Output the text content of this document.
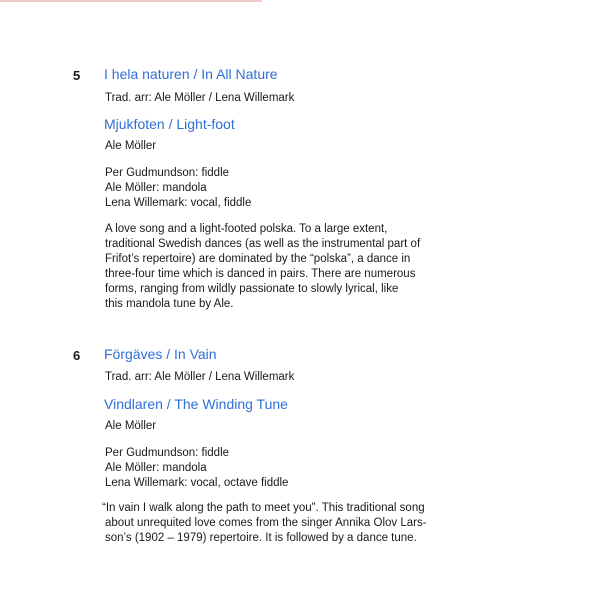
5 I hela naturen / In All Nature
Trad. arr: Ale Möller / Lena Willemark
Mjukfoten / Light-foot
Ale Möller
Per Gudmundson: fiddle
Ale Möller: mandola
Lena Willemark: vocal, fiddle
A love song and a light-footed polska. To a large extent,
traditional Swedish dances (as well as the instrumental part of
Frifot’s repertoire) are dominated by the “polska”, a dance in
three-four time which is danced in pairs. There are numerous
forms, ranging from wildly passionate to slowly lyrical, like
this mandola tune by Ale.
6 Förgäves / In Vain
Trad. arr: Ale Möller / Lena Willemark
Vindlaren / The Winding Tune
Ale Möller
Per Gudmundson: fiddle
Ale Möller: mandola
Lena Willemark: vocal, octave fiddle
“In vain I walk along the path to meet you”. This traditional song
about unrequited love comes from the singer Annika Olov Lars-
son’s (1902 – 1979) repertoire. It is followed by a dance tune.
